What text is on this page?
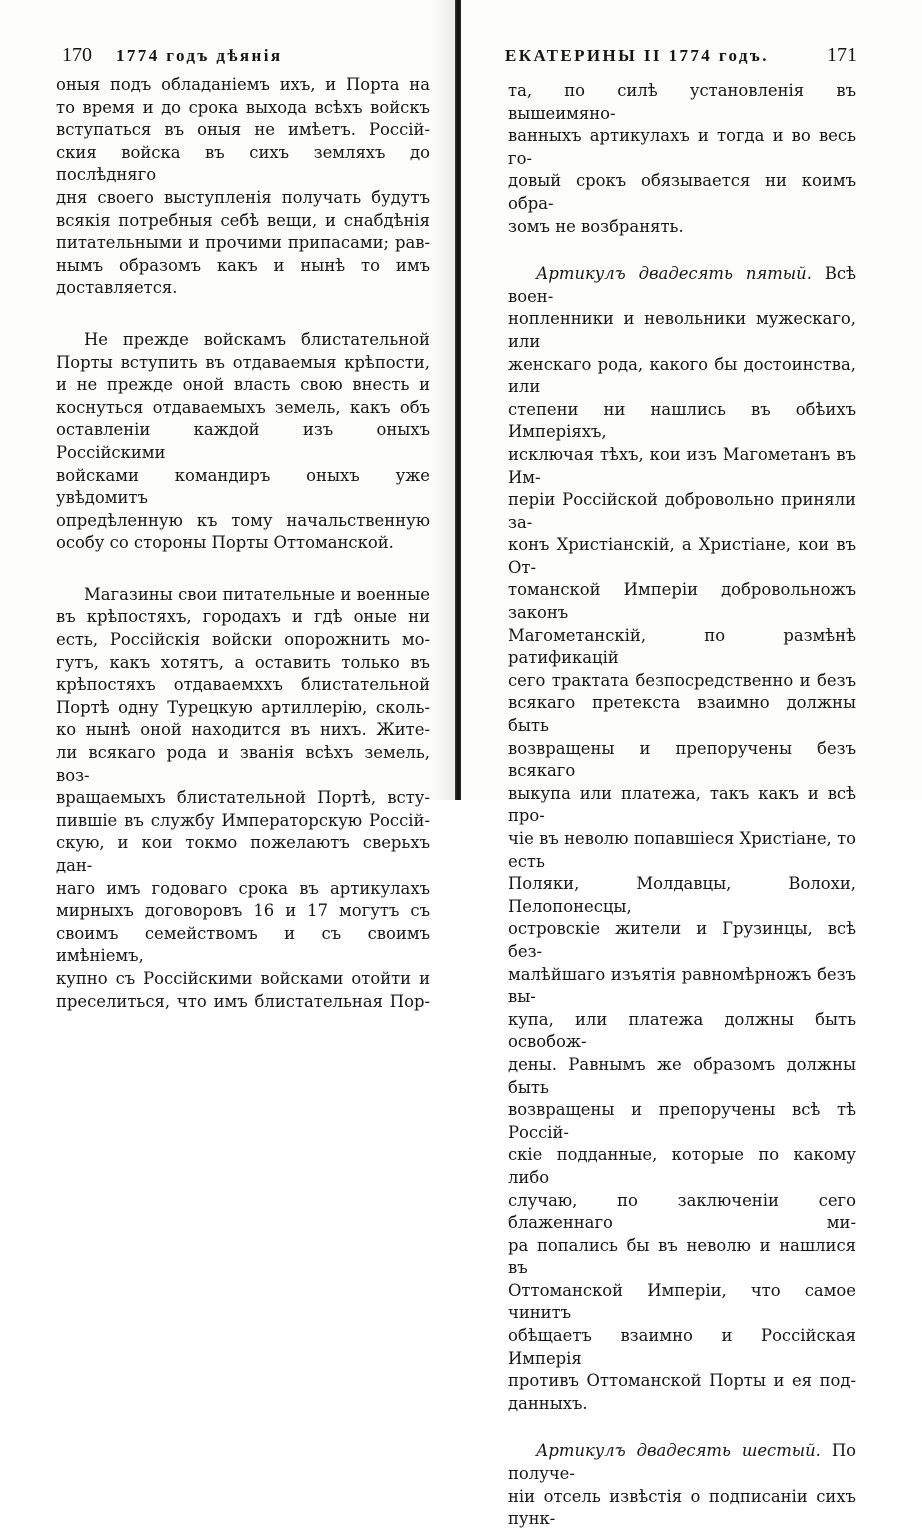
170 1774 годъ дѣянія

оныя подъ обладаніемъ ихъ, и Порта на

то время и до срока выхода всѣхъ войскъ

вступаться въ оныя не имѣетъ. Россій-

ския войска въ сихъ земляхъ до послѣдняго

дня своего выступленія получать будутъ

всякія потребныя себѣ вещи, и снабдѣнія

питательными и прочими припасами; рав-

нымъ образомъ какъ и нынѣ то имъ

доставляется.

Не прежде войскамъ блистательной

Порты вступить въ отдаваемыя крѣпости,

и не прежде оной власть свою внесть и

коснуться отдаваемыхъ земель, какъ объ

оставленіи каждой изъ оныхъ Россійскими

войсками командиръ оныхъ уже увѣдомитъ

опредѣленную къ тому начальственную

особу со стороны Порты Оттоманской.

Магазины свои питательные и военные

въ крѣпостяхъ, городахъ и гдѣ оные ни

есть, Россійскія войски опорожнить мо-

гутъ, какъ хотятъ, а оставить только въ

крѣпостяхъ отдаваемхxъ блистательной

Портѣ одну Турецкую артиллерію, сколь-

ко нынѣ оной находится въ нихъ. Жите-

ли всякаго рода и званія всѣхъ земель, воз-

вращаемыхъ блистательной Портѣ, всту-

пившіе въ службу Императорскую Россій-

скую, и кои токмо пожелаютъ сверьхъ дан-

наго имъ годоваго срока въ артикулахъ

мирныхъ договоровъ 16 и 17 могутъ съ

своимъ семействомъ и съ своимъ имѣніемъ,

купно съ Россійскими войсками отойти и

преселиться, что имъ блистательная Пор-

ЕКАТЕРИНЫ II 1774 годъ.	171

та, по силѣ установленія въ вышеимяно-

ванныхъ артикулахъ и тогда и во весь го-

довый срокъ обязывается ни коимъ обра-

зомъ не возбранять.

Артикулъ двадесять пятый. Всѣ воен-

нопленники и невольники мужескаго, или

женскаго рода, какого бы достоинства, или

степени ни нашлись въ обѣихъ Имперіяхъ,

исключая тѣхъ, кои изъ Магометанъ въ Им-

періи Россійской добровольно приняли за-

конъ Христіанскій, а Христіане, кои въ От-

томанской Имперіи добровольножъ законъ

Магометанскій, по размѣнѣ ратификацій

сего трактата безпосредственно и безъ

всякаго претекста взаимно должны быть

возвращены и препоручены безъ всякаго

выкупа или платежа, такъ какъ и всѣ про-

чіе въ неволю попавшіеся Христіане, то есть

Поляки, Молдавцы, Волохи, Пелопонесцы,

островскіе жители и Грузинцы, всѣ без-

малѣйшаго изъятія равномѣрножъ безъ вы-

купа, или платежа должны быть освобож-

дены. Равнымъ же образомъ должны быть

возвращены и препоручены всѣ тѣ Россій-

скіе подданные, которые по какому либо

случаю, по заключеніи сего блаженнаго ми-

ра попались бы въ неволю и нашлися въ

Оттоманской Имперіи, что самое чинитъ

обѣщаетъ взаимно и Россійская Имперія

противъ Оттоманской Порты и ея под-

данныхъ.

Артикулъ двадесять шестый. По получе-

ніи отсель извѣстія о подписаніи сихъ пунк-
